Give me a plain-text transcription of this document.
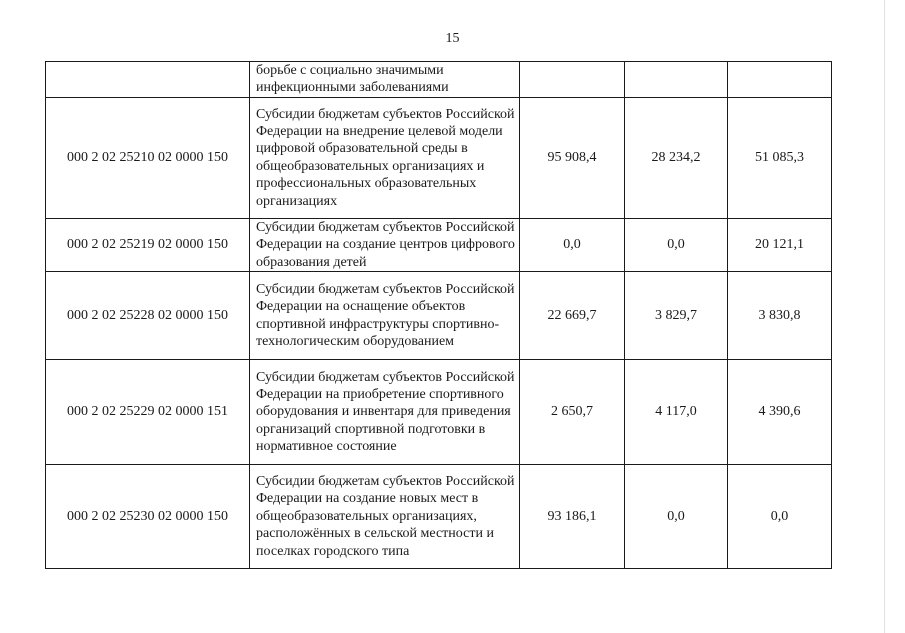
15
	борьбе с социально значимыми инфекционными заболеваниями			
000 2 02 25210 02 0000 150	Субсидии бюджетам субъектов Российской Федерации на внедрение целевой модели цифровой образовательной среды в общеобразовательных организациях и профессиональных образовательных организациях	95 908,4	28 234,2	51 085,3
000 2 02 25219 02 0000 150	Субсидии бюджетам субъектов Российской Федерации на создание центров цифрового образования детей	0,0	0,0	20 121,1
000 2 02 25228 02 0000 150	Субсидии бюджетам субъектов Российской Федерации на оснащение объектов спортивной инфраструктуры спортивно-технологическим оборудованием	22 669,7	3 829,7	3 830,8
000 2 02 25229 02 0000 151	Субсидии бюджетам субъектов Российской Федерации на приобретение спортивного оборудования и инвентаря для приведения организаций спортивной подготовки в нормативное состояние	2 650,7	4 117,0	4 390,6
000 2 02 25230 02 0000 150	Субсидии бюджетам субъектов Российской Федерации на создание новых мест в общеобразовательных организациях, расположённых в сельской местности и поселках городского типа	93 186,1	0,0	0,0
